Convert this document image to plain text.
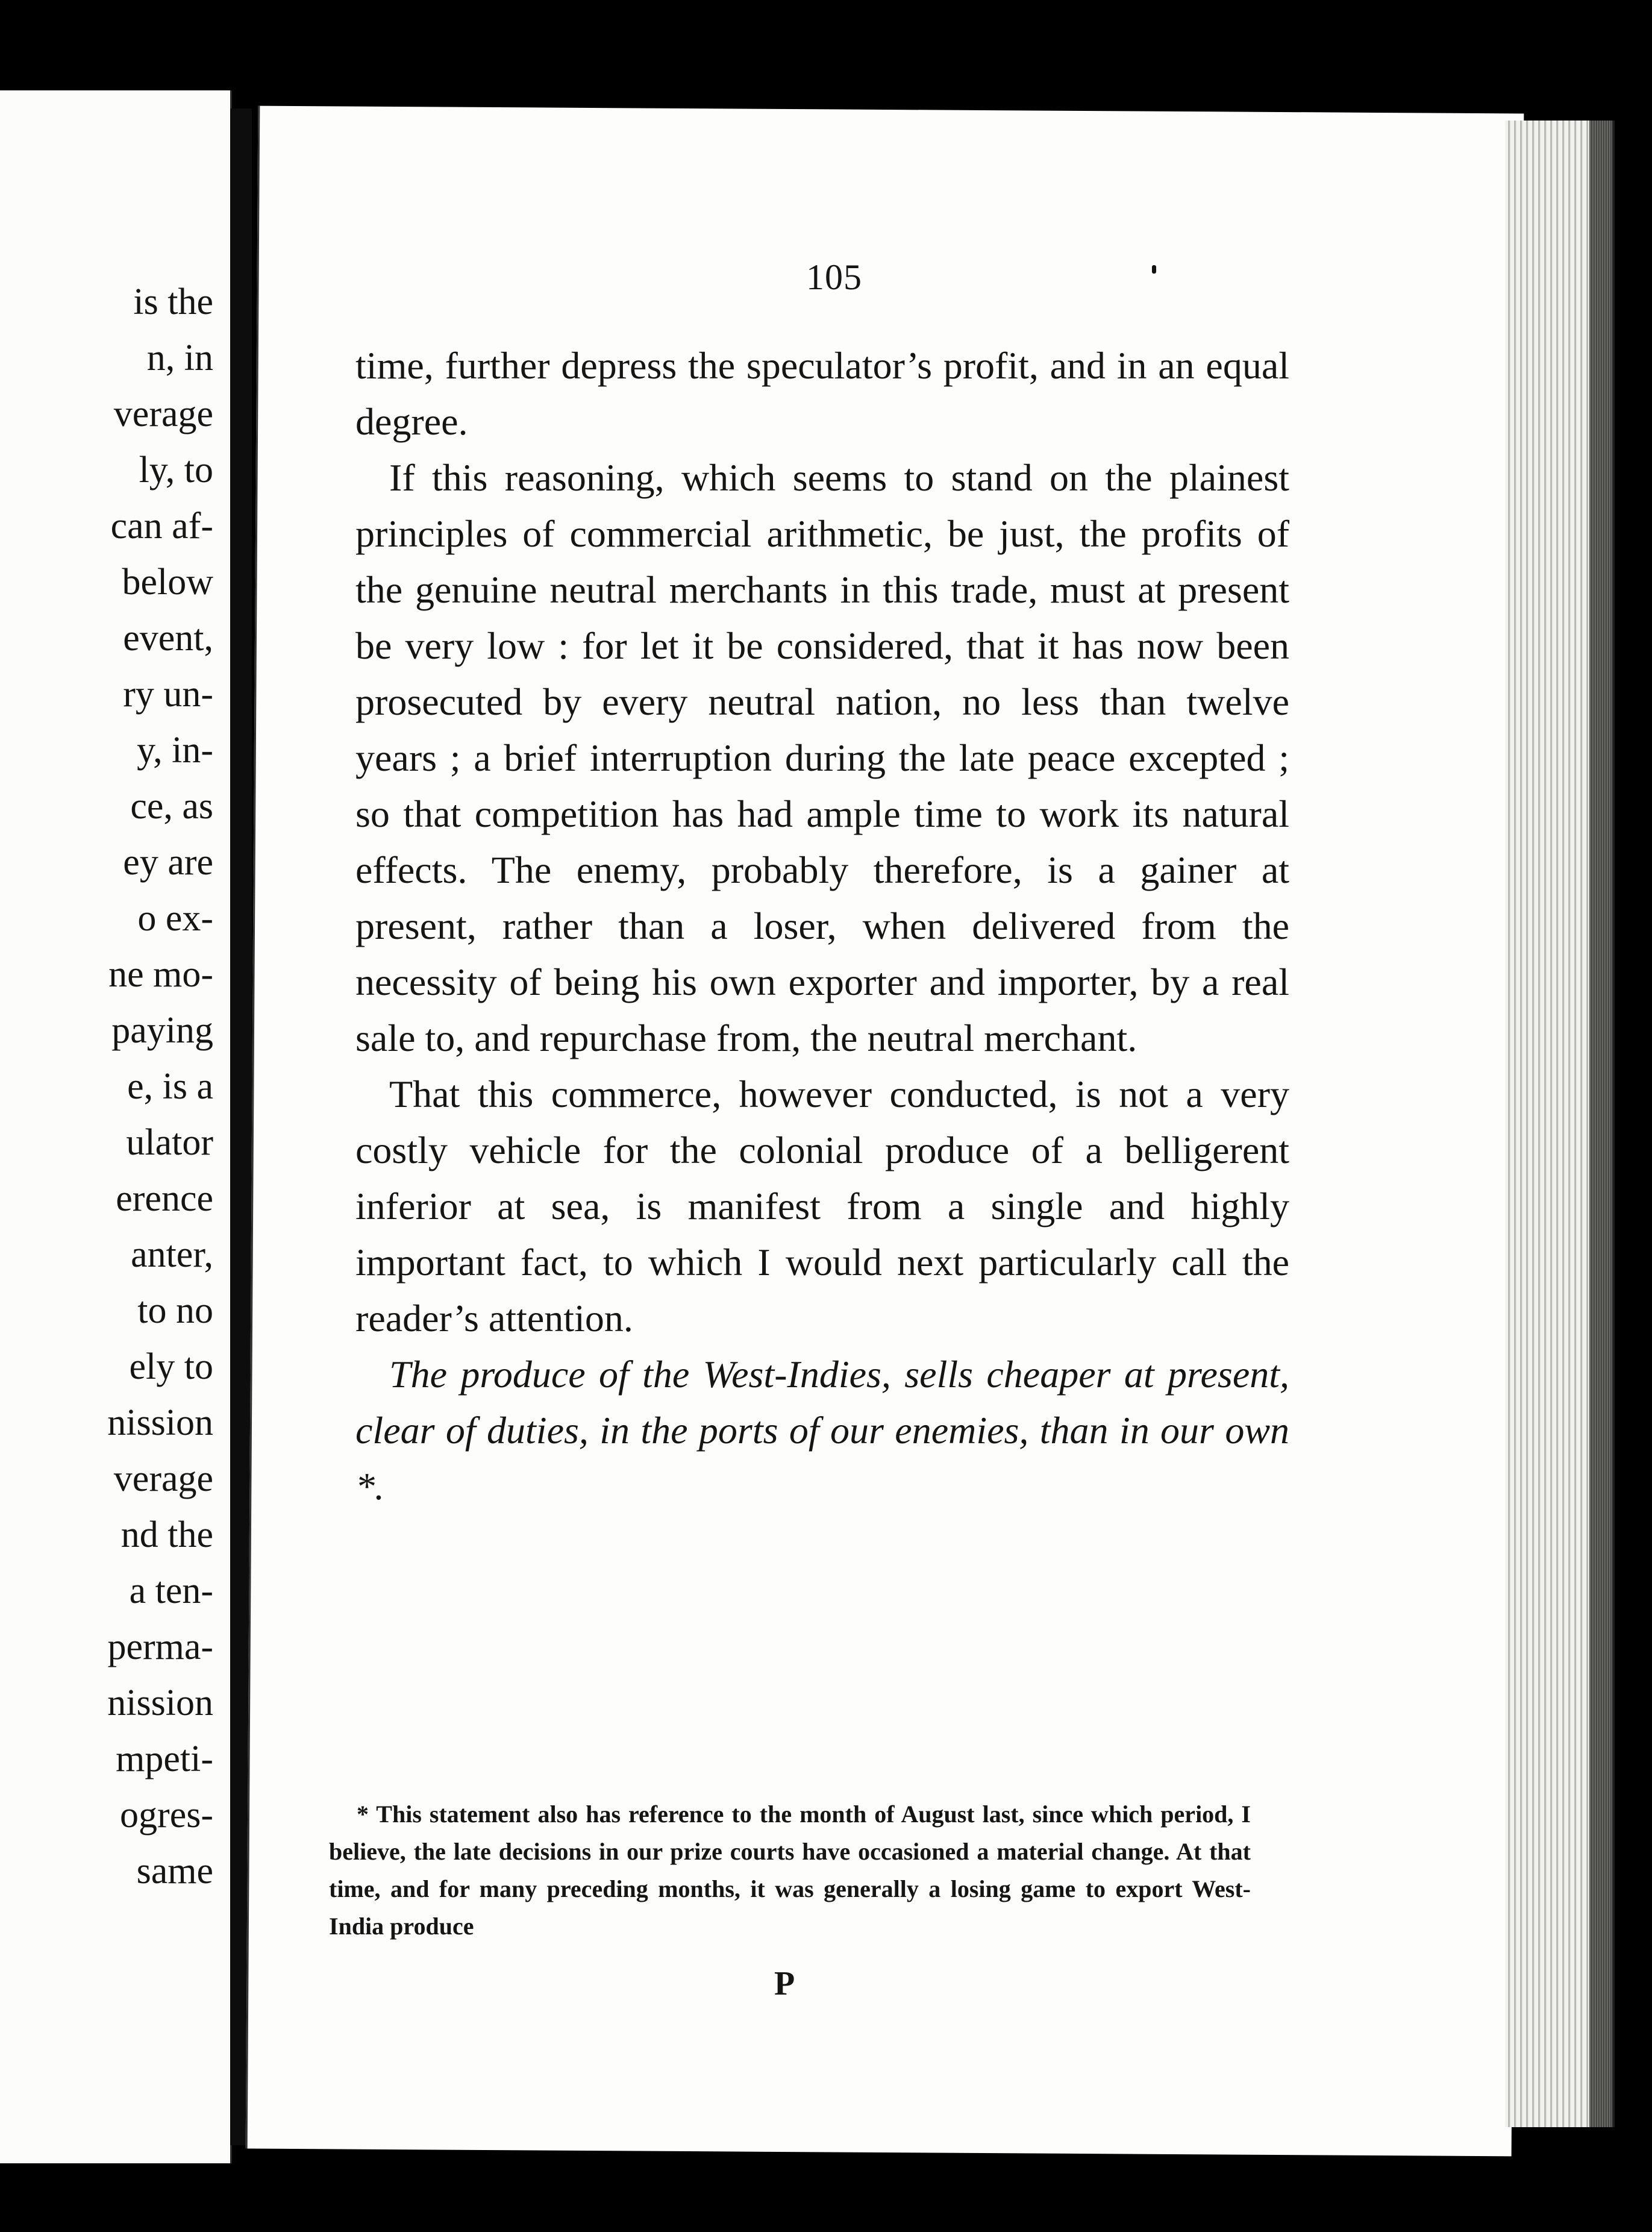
is the
n, in
verage
ly, to
can af-
below
event,
ry un-
y, in-
ce, as
ey are
o ex-
ne mo-
paying
e, is a
ulator
erence
anter,
to no
ely to
nission
verage
nd the
a ten-
perma-
nission
mpeti-
ogres-
same
105

time, further depress the speculator’s profit, and in an equal degree.

If this reasoning, which seems to stand on the plainest principles of commercial arithmetic, be just, the profits of the genuine neutral merchants in this trade, must at present be very low : for let it be considered, that it has now been prosecuted by every neutral nation, no less than twelve years ; a brief interruption during the late peace excepted ; so that competition has had ample time to work its natural effects. The enemy, probably therefore, is a gainer at present, rather than a loser, when delivered from the necessity of being his own exporter and importer, by a real sale to, and repurchase from, the neutral merchant.

That this commerce, however conducted, is not a very costly vehicle for the colonial produce of a belligerent inferior at sea, is manifest from a single and highly important fact, to which I would next particularly call the reader’s attention.

The produce of the West-Indies, sells cheaper at present, clear of duties, in the ports of our enemies, than in our own *.

* This statement also has reference to the month of August last, since which period, I believe, the late decisions in our prize courts have occasioned a material change. At that time, and for many preceding months, it was generally a losing game to export West-India produce

P
